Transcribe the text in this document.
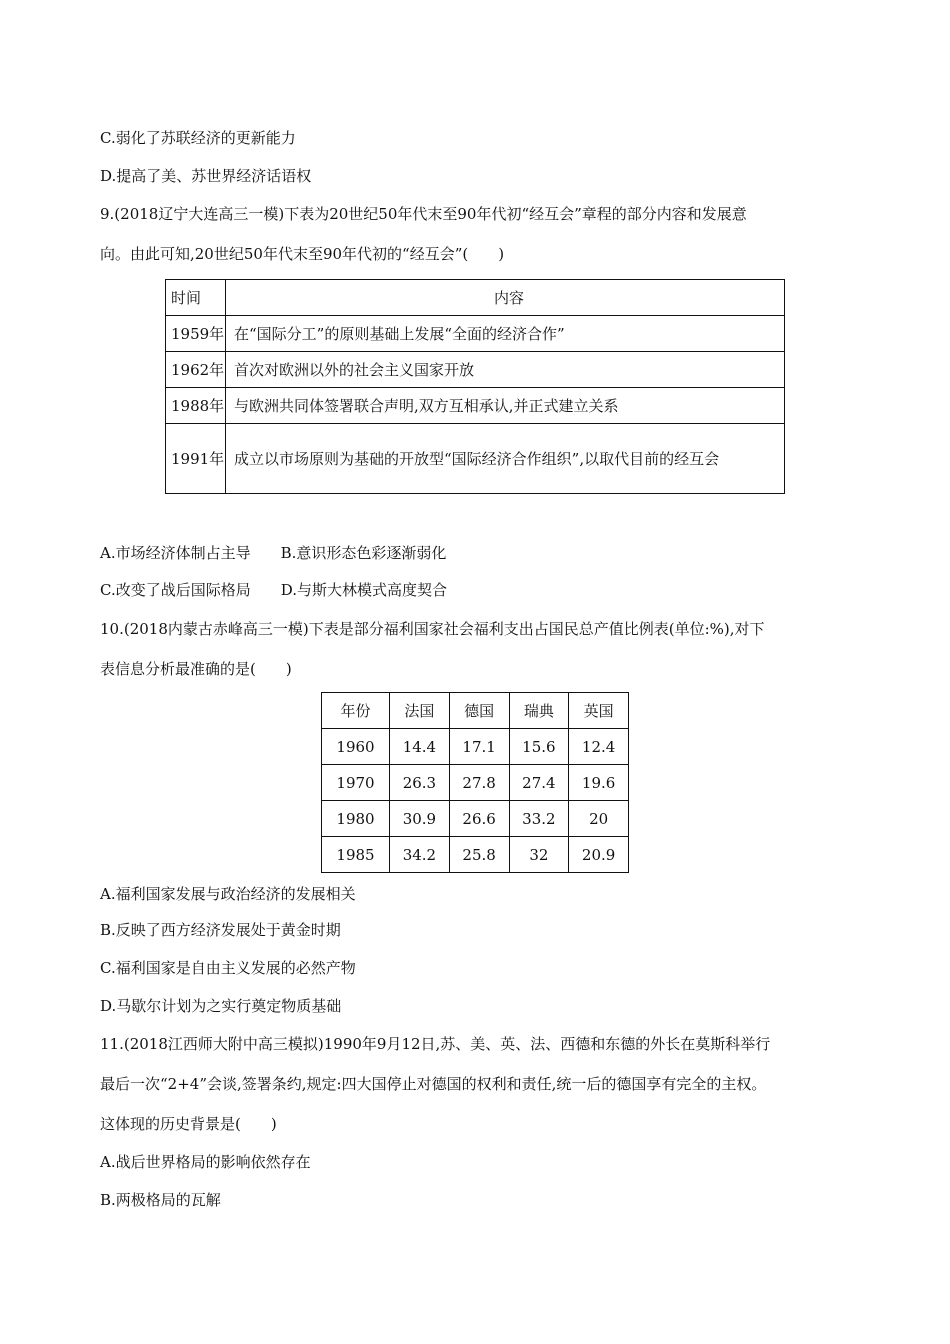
C.弱化了苏联经济的更新能力
D.提高了美、苏世界经济话语权
9.(2018辽宁大连高三一模)下表为20世纪50年代末至90年代初“经互会”章程的部分内容和发展意
向。由此可知,20世纪50年代末至90年代初的“经互会”(　　)
时间	内容
1959年	在“国际分工”的原则基础上发展“全面的经济合作”
1962年	首次对欧洲以外的社会主义国家开放
1988年	与欧洲共同体签署联合声明,双方互相承认,并正式建立关系
1991年	成立以市场原则为基础的开放型“国际经济合作组织”,以取代目前的经互会
A.市场经济体制占主导　　B.意识形态色彩逐渐弱化
C.改变了战后国际格局　　D.与斯大林模式高度契合
10.(2018内蒙古赤峰高三一模)下表是部分福利国家社会福利支出占国民总产值比例表(单位:%),对下
表信息分析最准确的是(　　)
年份	法国	德国	瑞典	英国
1960	14.4	17.1	15.6	12.4
1970	26.3	27.8	27.4	19.6
1980	30.9	26.6	33.2	20
1985	34.2	25.8	32	20.9
A.福利国家发展与政治经济的发展相关
B.反映了西方经济发展处于黄金时期
C.福利国家是自由主义发展的必然产物
D.马歇尔计划为之实行奠定物质基础
11.(2018江西师大附中高三模拟)1990年9月12日,苏、美、英、法、西德和东德的外长在莫斯科举行
最后一次“2+4”会谈,签署条约,规定:四大国停止对德国的权利和责任,统一后的德国享有完全的主权。
这体现的历史背景是(　　)
A.战后世界格局的影响依然存在
B.两极格局的瓦解
